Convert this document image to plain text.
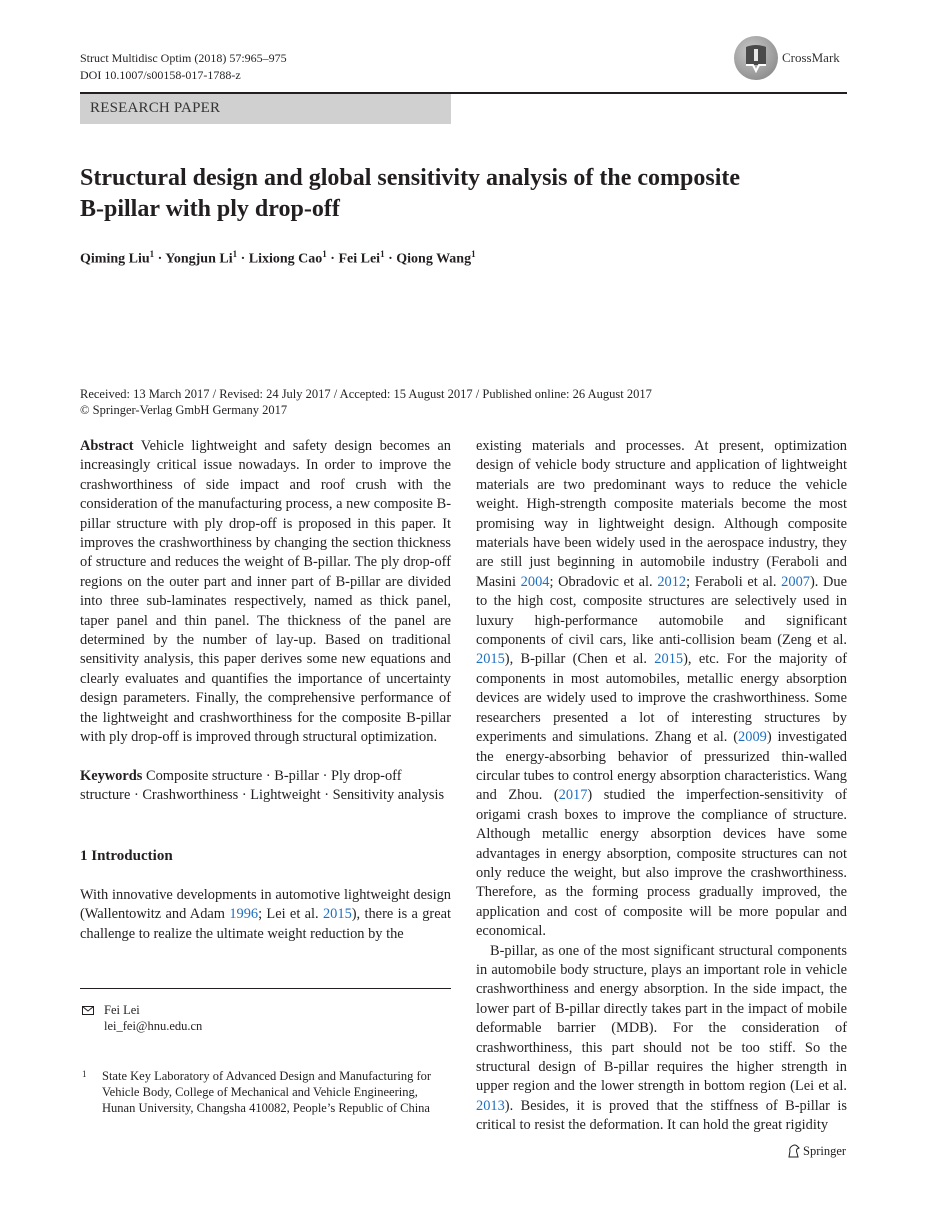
Struct Multidisc Optim (2018) 57:965–975
DOI 10.1007/s00158-017-1788-z
CrossMark
RESEARCH PAPER
Structural design and global sensitivity analysis of the composite
B-pillar with ply drop-off
Qiming Liu$^1$ · Yongjun $Li^1$ · Lixiong Cao$^1$ · Fei Lei$^1$ · Qiong Wang$^1$
Received: 13 March 2017 / Revised: 24 July 2017 / Accepted: 15 August 2017 / Published online: 26 August 2017
© Springer-Verlag GmbH Germany 2017

Abstract Vehicle lightweight and safety design becomes an increasingly critical issue nowadays. In order to improve the crashworthiness of side impact and roof crush with the consideration of the manufacturing process, a new composite B-pillar structure with ply drop-off is proposed in this paper. It improves the crashworthiness by changing the section thickness of structure and reduces the weight of B-pillar. The ply drop-off regions on the outer part and inner part of B-pillar are divided into three sub-laminates respectively, named as thick panel, taper panel and thin panel. The thickness of the panel are determined by the number of lay-up. Based on traditional sensitivity analysis, this paper derives some new equations and clearly evaluates and quantifies the importance of uncertainty design parameters. Finally, the comprehensive performance of the lightweight and crashworthiness for the composite B-pillar with ply drop-off is improved through structural optimization.

Keywords Composite structure · B-pillar · Ply drop-off structure · Crashworthiness · Lightweight · Sensitivity analysis

1 Introduction

With innovative developments in automotive lightweight design (Wallentowitz and Adam 1996; Lei et al. 2015), there is a great challenge to realize the ultimate weight reduction by the

Fei Lei
lei_fei@hnu.edu.cn
1 State Key Laboratory of Advanced Design and Manufacturing for Vehicle Body, College of Mechanical and Vehicle Engineering, Hunan University, Changsha 410082, People’s Republic of China

existing materials and processes. At present, optimization design of vehicle body structure and application of lightweight materials are two predominant ways to reduce the vehicle weight. High-strength composite materials become the most promising way in lightweight design. Although composite materials have been widely used in the aerospace industry, they are still just beginning in automobile industry (Feraboli and Masini 2004; Obradovic et al. 2012; Feraboli et al. 2007). Due to the high cost, composite structures are selectively used in luxury high-performance automobile and significant components of civil cars, like anti-collision beam (Zeng et al. 2015), B-pillar (Chen et al. 2015), etc. For the majority of components in most automobiles, metallic energy absorption devices are widely used to improve the crashworthiness. Some researchers presented a lot of interesting structures by experiments and simulations. Zhang et al. (2009) investigated the energy-absorbing behavior of pressurized thin-walled circular tubes to control energy absorption characteristics. Wang and Zhou. (2017) studied the imperfection-sensitivity of origami crash boxes to improve the compliance of structure. Although metallic energy absorption devices have some advantages in energy absorption, composite structures can not only reduce the weight, but also improve the crashworthiness. Therefore, as the forming process gradually improved, the application and cost of composite will be more popular and economical.

B-pillar, as one of the most significant structural components in automobile body structure, plays an important role in vehicle crashworthiness and energy absorption. In the side impact, the lower part of B-pillar directly takes part in the impact of mobile deformable barrier (MDB). For the consideration of crashworthiness, this part should not be too stiff. So the structural design of B-pillar requires the higher strength in upper region and the lower strength in bottom region (Lei et al. 2013). Besides, it is proved that the stiffness of B-pillar is critical to resist the deformation. It can hold the great rigidity

Springer
